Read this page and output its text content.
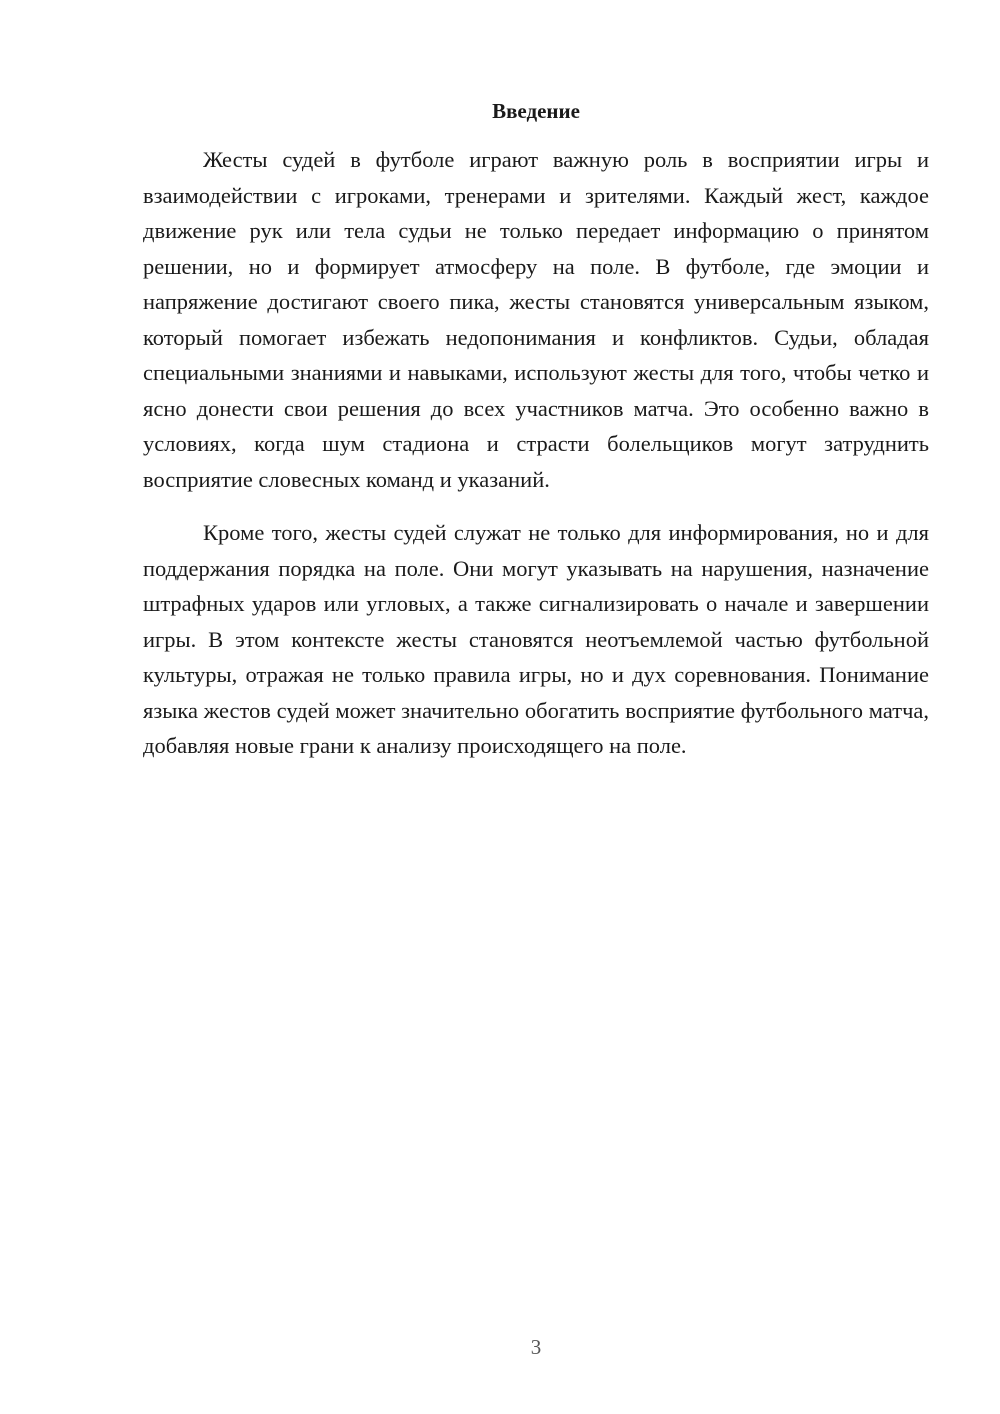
Введение

Жесты судей в футболе играют важную роль в восприятии игры и взаимодействии с игроками, тренерами и зрителями. Каждый жест, каждое движение рук или тела судьи не только передает информацию о принятом решении, но и формирует атмосферу на поле. В футболе, где эмоции и напряжение достигают своего пика, жесты становятся универсальным языком, который помогает избежать недопонимания и конфликтов. Судьи, обладая специальными знаниями и навыками, используют жесты для того, чтобы четко и ясно донести свои решения до всех участников матча. Это особенно важно в условиях, когда шум стадиона и страсти болельщиков могут затруднить восприятие словесных команд и указаний.

Кроме того, жесты судей служат не только для информирования, но и для поддержания порядка на поле. Они могут указывать на нарушения, назначение штрафных ударов или угловых, а также сигнализировать о начале и завершении игры. В этом контексте жесты становятся неотъемлемой частью футбольной культуры, отражая не только правила игры, но и дух соревнования. Понимание языка жестов судей может значительно обогатить восприятие футбольного матча, добавляя новые грани к анализу происходящего на поле.

3
